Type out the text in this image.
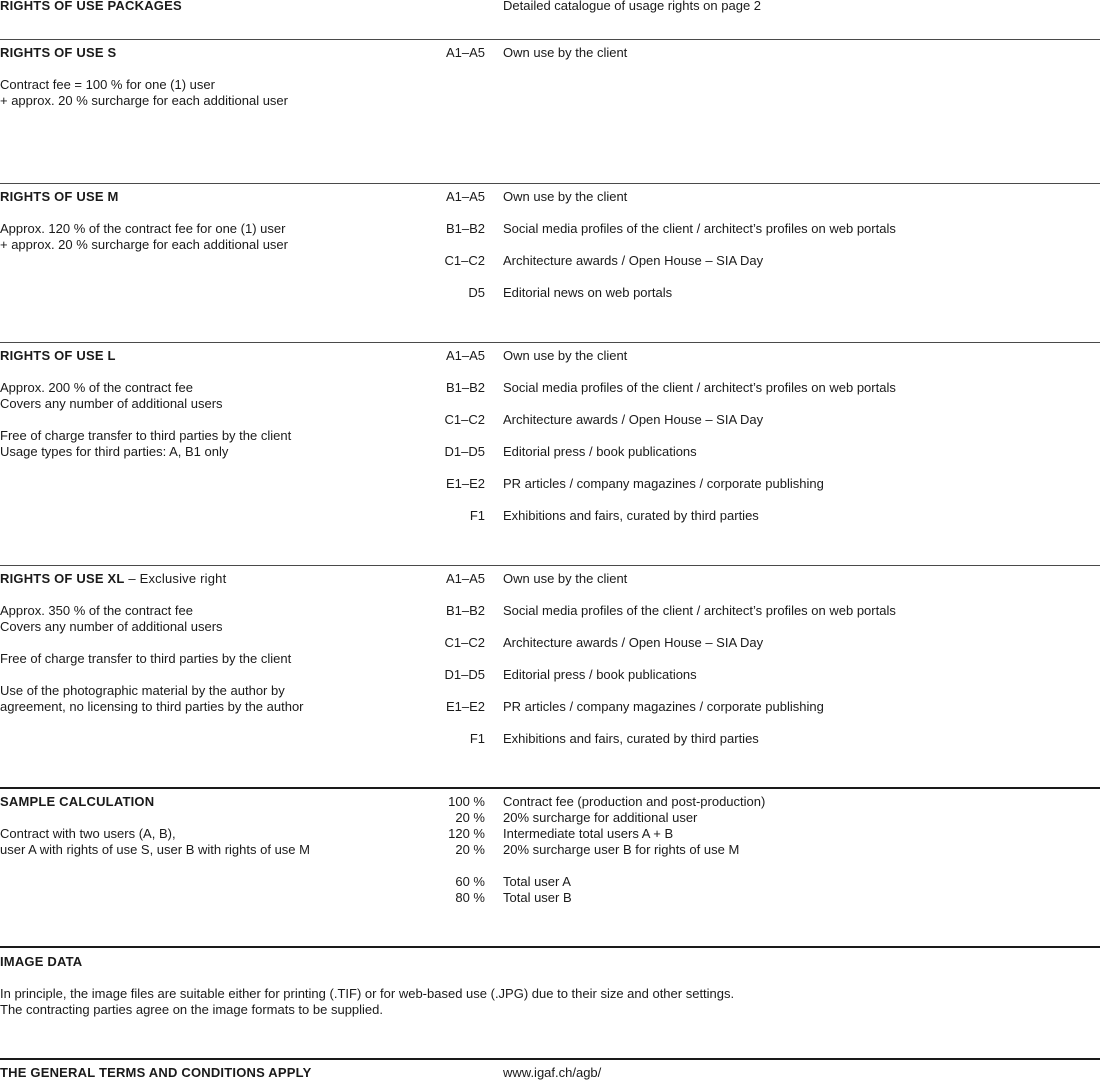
RIGHTS OF USE PACKAGES	Detailed catalogue of usage rights on page 2
RIGHTS OF USE S
Contract fee = 100 % for one (1) user
+ approx. 20 % surcharge for each additional user
A1–A5 Own use by the client
RIGHTS OF USE M
Approx. 120 % of the contract fee for one (1) user
+ approx. 20 % surcharge for each additional user
A1–A5 Own use by the client
B1–B2 Social media profiles of the client / architect’s profiles on web portals
C1–C2 Architecture awards / Open House – SIA Day
D5 Editorial news on web portals
RIGHTS OF USE L
Approx. 200 % of the contract fee
Covers any number of additional users
Free of charge transfer to third parties by the client
Usage types for third parties: A, B1 only
A1–A5 Own use by the client
B1–B2 Social media profiles of the client / architect’s profiles on web portals
C1–C2 Architecture awards / Open House – SIA Day
D1–D5 Editorial press / book publications
E1–E2 PR articles / company magazines / corporate publishing
F1 Exhibitions and fairs, curated by third parties
RIGHTS OF USE XL – Exclusive right
Approx. 350 % of the contract fee
Covers any number of additional users
Free of charge transfer to third parties by the client
Use of the photographic material by the author by
agreement, no licensing to third parties by the author
A1–A5 Own use by the client
B1–B2 Social media profiles of the client / architect’s profiles on web portals
C1–C2 Architecture awards / Open House – SIA Day
D1–D5 Editorial press / book publications
E1–E2 PR articles / company magazines / corporate publishing
F1 Exhibitions and fairs, curated by third parties
SAMPLE CALCULATION
Contract with two users (A, B),
user A with rights of use S, user B with rights of use M
100 % Contract fee (production and post-production)
20 % 20% surcharge for additional user
120 % Intermediate total users A + B
20 % 20% surcharge user B for rights of use M
60 % Total user A
80 % Total user B
IMAGE DATA
In principle, the image files are suitable either for printing (.TIF) or for web-based use (.JPG) due to their size and other settings.
The contracting parties agree on the image formats to be supplied.
THE GENERAL TERMS AND CONDITIONS APPLY	www.igaf.ch/agb/
